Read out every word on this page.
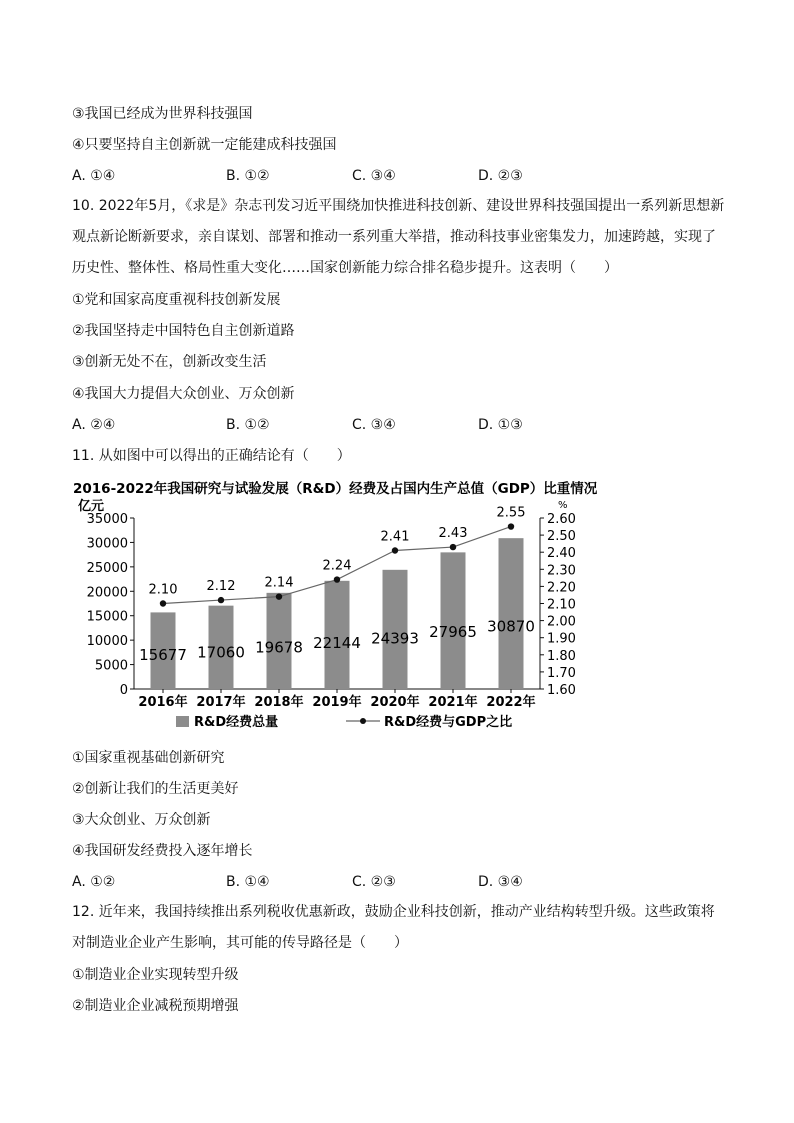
③我国已经成为世界科技强国
④只要坚持自主创新就一定能建成科技强国
A. ①④	B. ①②	C. ③④	D. ②③
10. 2022年5月，《求是》杂志刊发习近平围绕加快推进科技创新、建设世界科技强国提出一系列新思想新观点新论断新要求，亲自谋划、部署和推动一系列重大举措，推动科技事业密集发力，加速跨越，实现了历史性、整体性、格局性重大变化……国家创新能力综合排名稳步提升。这表明（　　）
①党和国家高度重视科技创新发展
②我国坚持走中国特色自主创新道路
③创新无处不在，创新改变生活
④我国大力提倡大众创业、万众创新
A. ②④	B. ①②	C. ③④	D. ①③
11. 从如图中可以得出的正确结论有（　　）
2016-2022年我国研究与试验发展（R&D）经费及占国内生产总值（GDP）比重情况
亿元	%
0
5000
10000
15000
20000
25000
30000
35000
1.60
1.70
1.80
1.90
2.00
2.10
2.20
2.30
2.40
2.50
2.60
15677 17060 19678 22144 24393 27965 30870
2.10 2.12 2.14
2.24
2.41 2.43
2.55
2016年 2017年 2018年 2019年 2020年 2021年 2022年
R&D经费总量	R&D经费与GDP之比
①国家重视基础创新研究
②创新让我们的生活更美好
③大众创业、万众创新
④我国研发经费投入逐年增长
A. ①②	B. ①④	C. ②③	D. ③④
12. 近年来，我国持续推出系列税收优惠新政，鼓励企业科技创新，推动产业结构转型升级。这些政策将对制造业企业产生影响，其可能的传导路径是（　　）
①制造业企业实现转型升级
②制造业企业减税预期增强
